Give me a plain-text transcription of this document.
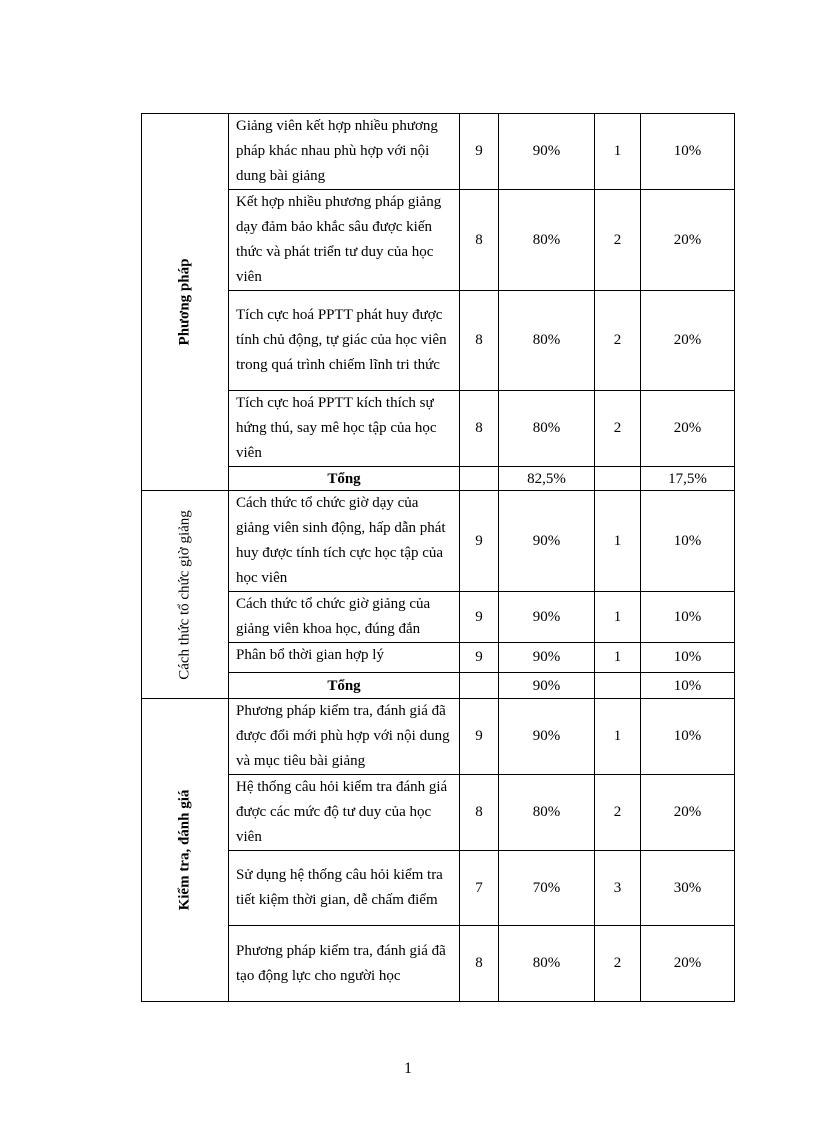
Phương pháp	Giảng viên kết hợp nhiều phương pháp khác nhau phù hợp với nội dung bài giảng	9	90%	1	10%
	Kết hợp nhiều phương pháp giảng dạy đảm bảo khắc sâu được kiến thức và phát triển tư duy của học viên	8	80%	2	20%
	Tích cực hoá PPTT phát huy được tính chủ động, tự giác của học viên trong quá trình chiếm lĩnh tri thức	8	80%	2	20%
	Tích cực hoá PPTT kích thích sự hứng thú, say mê học tập của học viên	8	80%	2	20%
	Tổng		82,5%		17,5%

Cách thức tổ chức giờ giảng	Cách thức tổ chức giờ dạy của giảng viên sinh động, hấp dẫn phát huy được tính tích cực học tập của học viên	9	90%	1	10%
	Cách thức tổ chức giờ giảng của giảng viên khoa học, đúng đắn	9	90%	1	10%
	Phân bổ thời gian hợp lý	9	90%	1	10%
	Tổng		90%		10%

Kiểm tra, đánh giá	Phương pháp kiểm tra, đánh giá đã được đổi mới phù hợp với nội dung và mục tiêu bài giảng	9	90%	1	10%
	Hệ thống câu hỏi kiểm tra đánh giá được các mức độ tư duy của học viên	8	80%	2	20%
	Sử dụng hệ thống câu hỏi kiểm tra tiết kiệm thời gian, dễ chấm điểm	7	70%	3	30%
	Phương pháp kiểm tra, đánh giá đã tạo động lực cho người học	8	80%	2	20%
1
